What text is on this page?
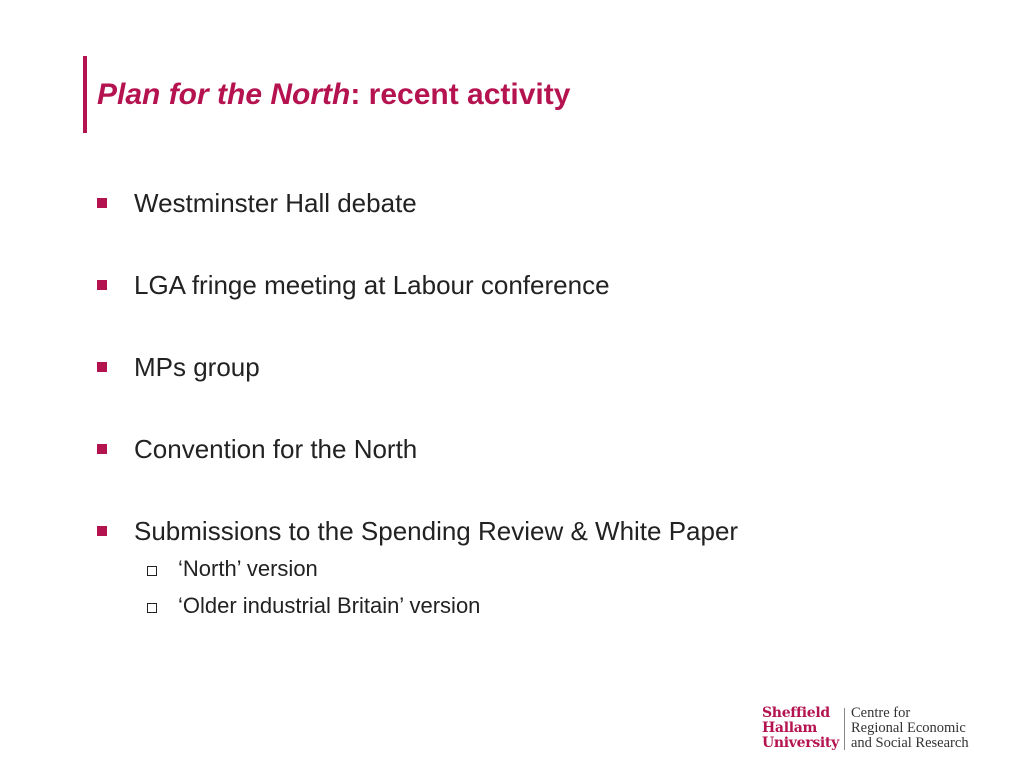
Plan for the North: recent activity
Westminster Hall debate
LGA fringe meeting at Labour conference
MPs group
Convention for the North
Submissions to the Spending Review & White Paper
‘North’ version
‘Older industrial Britain’ version
Sheffield
Hallam
University
Centre for
Regional Economic
and Social Research
